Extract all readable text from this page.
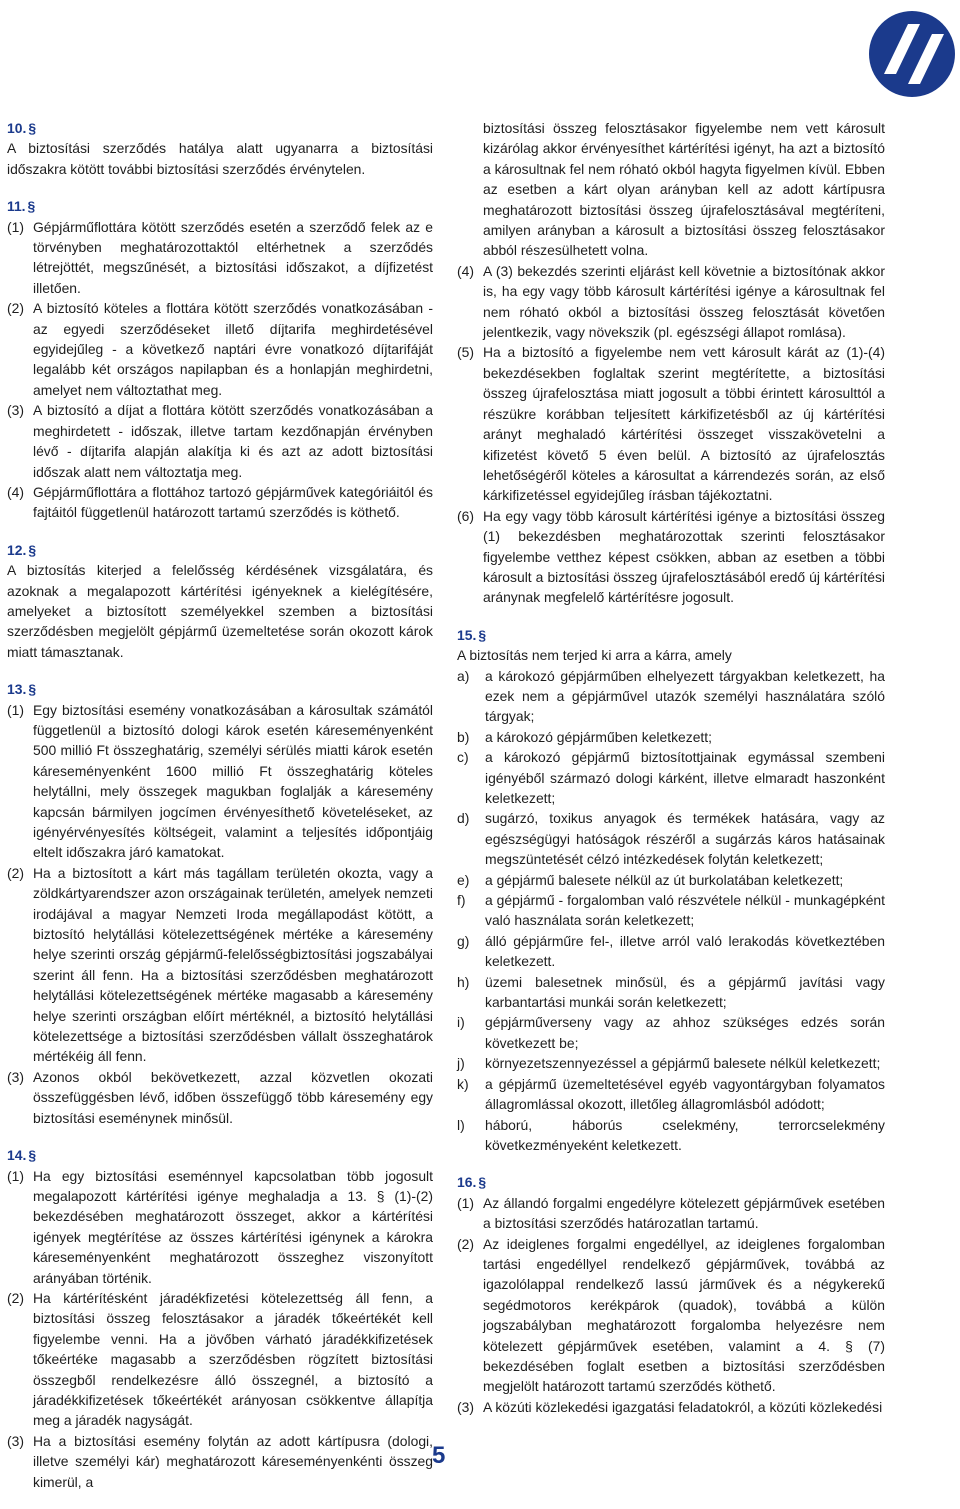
10. §

A biztosítási szerződés hatálya alatt ugyanarra a biztosítási időszakra kötött további biztosítási szerződés érvénytelen.

11. §
(1) Gépjárműflottára kötött szerződés esetén a szerződő felek az e törvényben meghatározottaktól eltérhetnek a szerződés létrejöttét, megszűnését, a biztosítási időszakot, a díjfizetést illetően.
(2) A biztosító köteles a flottára kötött szerződés vonatkozásában - az egyedi szerződéseket illető díjtarifa meghirdetésével egyidejűleg - a következő naptári évre vonatkozó díjtarifáját legalább két országos napilapban és a honlapján meghirdetni, amelyet nem változtathat meg.
(3) A biztosító a díjat a flottára kötött szerződés vonatkozásában a meghirdetett - időszak, illetve tartam kezdőnapján érvényben lévő - díjtarifa alapján alakítja ki és azt az adott biztosítási időszak alatt nem változtatja meg.
(4) Gépjárműflottára a flottához tartozó gépjárművek kategóriáitól és fajtáitól függetlenül határozott tartamú szerződés is köthető.
12. §

A biztosítás kiterjed a felelősség kérdésének vizsgálatára, és azoknak a megalapozott kártérítési igényeknek a kielégítésére, amelyeket a biztosított személyekkel szemben a biztosítási szerződésben megjelölt gépjármű üzemeltetése során okozott károk miatt támasztanak.

13. §
(1) Egy biztosítási esemény vonatkozásában a károsultak számától függetlenül a biztosító dologi károk esetén káreseményenként 500 millió Ft összeghatárig, személyi sérülés miatti károk esetén káreseményenként 1600 millió Ft összeghatárig köteles helytállni, mely összegek magukban foglalják a káresemény kapcsán bármilyen jogcímen érvényesíthető követeléseket, az igényérvényesítés költségeit, valamint a teljesítés időpontjáig eltelt időszakra járó kamatokat.
(2) Ha a biztosított a kárt más tagállam területén okozta, vagy a zöldkártyarendszer azon országainak területén, amelyek nemzeti irodájával a magyar Nemzeti Iroda megállapodást kötött, a biztosító helytállási kötelezettségének mértéke a káresemény helye szerinti ország gépjármű-felelősségbiztosítási jogszabályai szerint áll fenn. Ha a biztosítási szerződésben meghatározott helytállási kötelezettségének mértéke magasabb a káresemény helye szerinti országban előírt mértéknél, a biztosító helytállási kötelezettsége a biztosítási szerződésben vállalt összeghatárok mértékéig áll fenn.
(3) Azonos okból bekövetkezett, azzal közvetlen okozati összefüggésben lévő, időben összefüggő több káresemény egy biztosítási eseménynek minősül.
14. §
(1) Ha egy biztosítási eseménnyel kapcsolatban több jogosult megalapozott kártérítési igénye meghaladja a 13. § (1)-(2) bekezdésében meghatározott összeget, akkor a kártérítési igények megtérítése az összes kártérítési igénynek a károkra káreseményenként meghatározott összeghez viszonyított arányában történik.
(2) Ha kártérítésként járadékfizetési kötelezettség áll fenn, a biztosítási összeg felosztásakor a járadék tőkeértékét kell figyelembe venni. Ha a jövőben várható járadékkifizetések tőkeértéke magasabb a szerződésben rögzített biztosítási összegből rendelkezésre álló összegnél, a biztosító a járadékkifizetések tőkeértékét arányosan csökkentve állapítja meg a járadék nagyságát.
(3) Ha a biztosítási esemény folytán az adott kártípusra (dologi, illetve személyi kár) meghatározott káreseményenkénti összeg kimerül, a
biztosítási összeg felosztásakor figyelembe nem vett károsult kizárólag akkor érvényesíthet kártérítési igényt, ha azt a biztosító a károsultnak fel nem róható okból hagyta figyelmen kívül. Ebben az esetben a kárt olyan arányban kell az adott kártípusra meghatározott biztosítási összeg újrafelosztásával megtéríteni, amilyen arányban a károsult a biztosítási összeg felosztásakor abból részesülhetett volna.
(4) A (3) bekezdés szerinti eljárást kell követnie a biztosítónak akkor is, ha egy vagy több károsult kártérítési igénye a károsultnak fel nem róható okból a biztosítási összeg felosztását követően jelentkezik, vagy növekszik (pl. egészségi állapot romlása).
(5) Ha a biztosító a figyelembe nem vett károsult kárát az (1)-(4) bekezdésekben foglaltak szerint megtérítette, a biztosítási összeg újrafelosztása miatt jogosult a többi érintett károsulttól a részükre korábban teljesített kárkifizetésből az új kártérítési arányt meghaladó kártérítési összeget visszakövetelni a kifizetést követő 5 éven belül. A biztosító az újrafelosztás lehetőségéről köteles a károsultat a kárrendezés során, az első kárkifizetéssel egyidejűleg írásban tájékoztatni.
(6) Ha egy vagy több károsult kártérítési igénye a biztosítási összeg (1) bekezdésben meghatározottak szerinti felosztásakor figyelembe vetthez képest csökken, abban az esetben a többi károsult a biztosítási összeg újrafelosztásából eredő új kártérítési aránynak megfelelő kártérítésre jogosult.
15. §

A biztosítás nem terjed ki arra a kárra, amely

a)	a károkozó gépjárműben elhelyezett tárgyakban keletkezett, ha ezek nem a gépjárművel utazók személyi használatára szóló tárgyak;
b)	a károkozó gépjárműben keletkezett;
c)	a károkozó gépjármű biztosítottjainak egymással szembeni igényéből származó dologi kárként, illetve elmaradt haszonként keletkezett;
d)	sugárzó, toxikus anyagok és termékek hatására, vagy az egészségügyi hatóságok részéről a sugárzás káros hatásainak megszüntetését célzó intézkedések folytán keletkezett;
e)	a gépjármű balesete nélkül az út burkolatában keletkezett;
f)	a gépjármű - forgalomban való részvétele nélkül - munkagépként való használata során keletkezett;
g)	álló gépjárműre fel-, illetve arról való lerakodás következtében keletkezett.
h)	üzemi balesetnek minősül, és a gépjármű javítási vagy karbantartási munkái során keletkezett;
i)	gépjárműverseny vagy az ahhoz szükséges edzés során következett be;
j)	környezetszennyezéssel a gépjármű balesete nélkül keletkezett;
k)	a gépjármű üzemeltetésével egyéb vagyontárgyban folyamatos állagromlással okozott, illetőleg állagromlásból adódott;
l)	háború, háborús cselekmény, terrorcselekmény következményeként keletkezett.
16. §
(1) Az állandó forgalmi engedélyre kötelezett gépjárművek esetében a biztosítási szerződés határozatlan tartamú.
(2) Az ideiglenes forgalmi engedéllyel, az ideiglenes forgalomban tartási engedéllyel rendelkező gépjárművek, továbbá az igazolólappal rendelkező lassú járművek és a négykerekű segédmotoros kerékpárok (quadok), továbbá a külön jogszabályban meghatározott forgalomba helyezésre nem kötelezett gépjárművek esetében, valamint a 4. § (7) bekezdésében foglalt esetben a biztosítási szerződésben megjelölt határozott tartamú szerződés köthető.
(3) A közúti közlekedési igazgatási feladatokról, a közúti közlekedési
5
